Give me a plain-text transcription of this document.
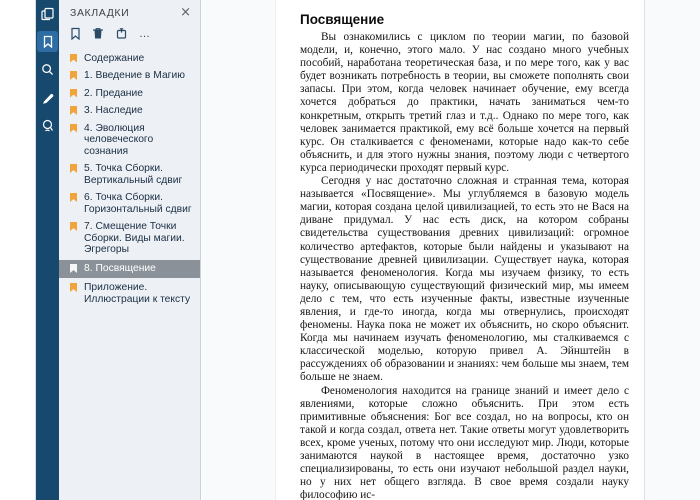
ЗАКЛАДКИ	×
…
Содержание
1. Введение в Магию
2. Предание
3. Наследие
4. Эволюция человеческого сознания
5. Точка Сборки. Вертикальный сдвиг
6. Точка Сборки. Горизонтальный сдвиг
7. Смещение Точки Сборки. Виды магии. Эгрегоры
8. Посвящение
Приложение. Иллюстрации к тексту
Посвящение

Вы ознакомились с циклом по теории магии, по базовой модели, и, конечно, этого мало. У нас создано много учебных пособий, наработана теоретическая база, и по мере того, как у вас будет возникать потребность в теории, вы сможете пополнять свои запасы. При этом, когда человек начинает обучение, ему всегда хочется добраться до практики, начать заниматься чем-то конкретным, открыть третий глаз и т.д.. Однако по мере того, как человек занимается практикой, ему всё больше хочется на первый курс. Он сталкивается с феноменами, которые надо как-то себе объяснить, и для этого нужны знания, поэтому люди с четвертого курса периодически проходят первый курс.

Сегодня у нас достаточно сложная и странная тема, которая называется «Посвящение». Мы углубляемся в базовую модель магии, которая создана целой цивилизацией, то есть это не Вася на диване придумал. У нас есть диск, на котором собраны свидетельства существования древних цивилизаций: огромное количество артефактов, которые были найдены и указывают на существование древней цивилизации. Существует наука, которая называется феноменология. Когда мы изучаем физику, то есть науку, описывающую существующий физический мир, мы имеем дело с тем, что есть изученные факты, известные изученные явления, и где-то иногда, когда мы отвернулись, происходят феномены. Наука пока не может их объяснить, но скоро объяснит. Когда мы начинаем изучать феноменологию, мы сталкиваемся с классической моделью, которую привел А. Эйнштейн в рассуждениях об образовании и знаниях: чем больше мы знаем, тем больше не знаем.

Феноменология находится на границе знаний и имеет дело с явлениями, которые сложно объяснить. При этом есть примитивные объяснения: Бог все создал, но на вопросы, кто он такой и когда создал, ответа нет. Такие ответы могут удовлетворить всех, кроме ученых, потому что они исследуют мир. Люди, которые занимаются наукой в настоящее время, достаточно узко специализированы, то есть они изучают небольшой раздел науки, но у них нет общего взгляда. В свое время создали науку философию ис-
